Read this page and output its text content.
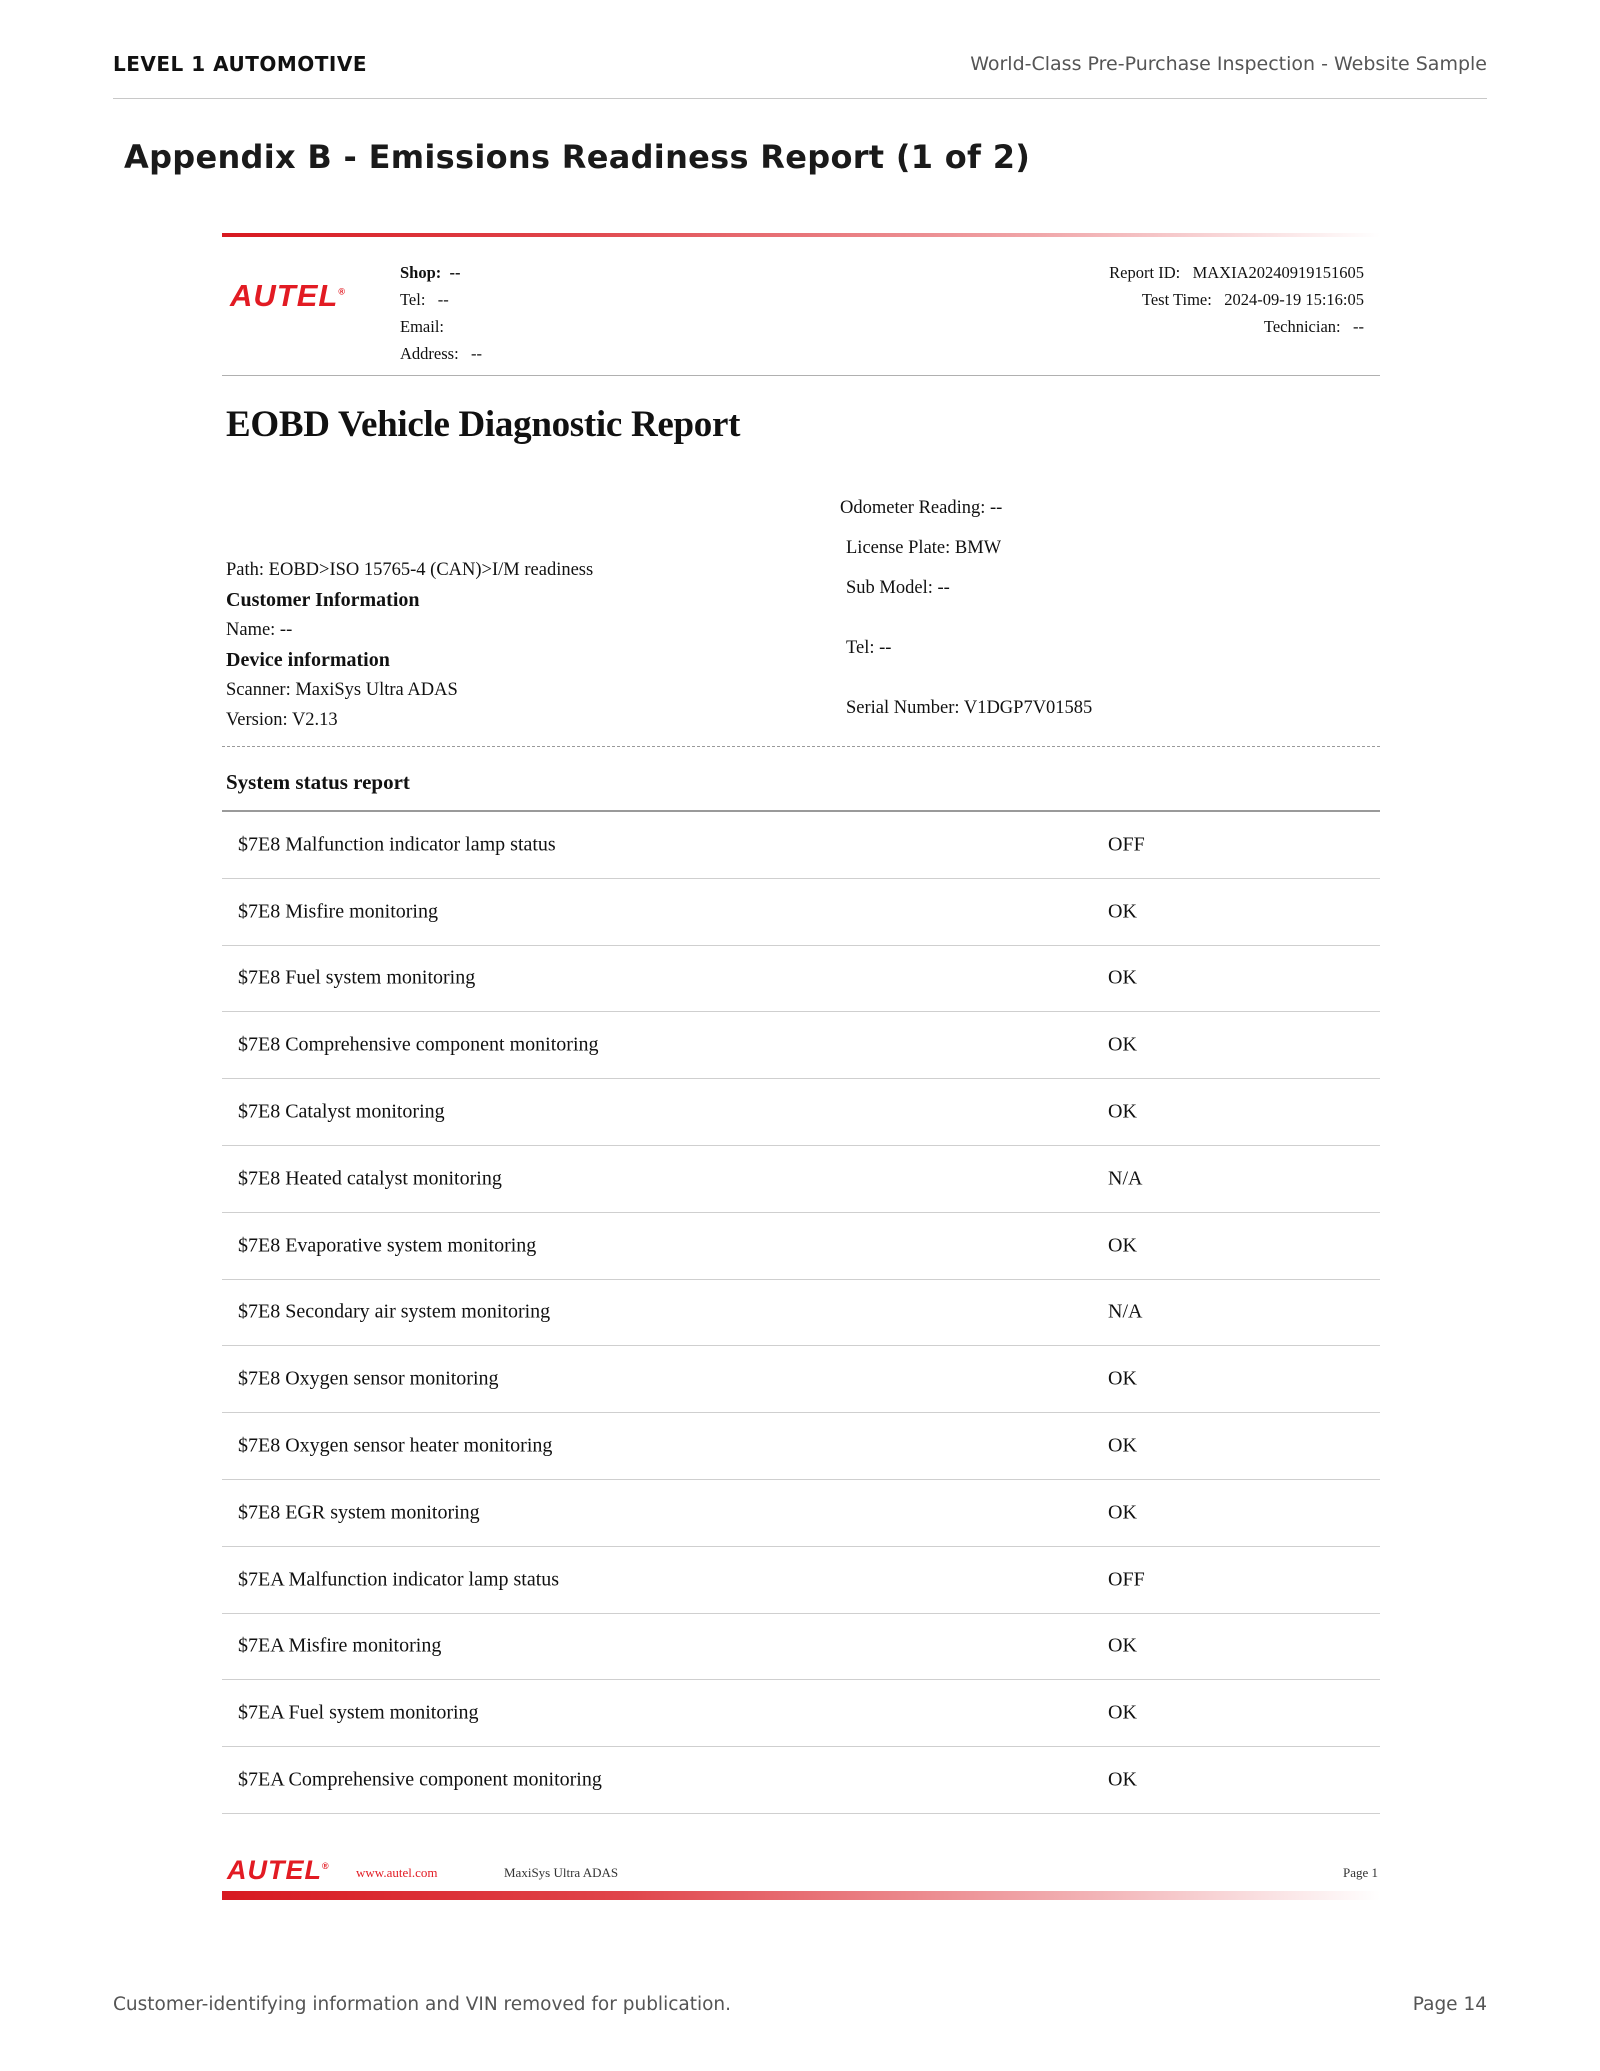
LEVEL 1 AUTOMOTIVE	World-Class Pre-Purchase Inspection - Website Sample
Appendix B - Emissions Readiness Report (1 of 2)
AUTEL®
Shop: --
Tel: --
Email:
Address: --
Report ID: MAXIA20240919151605
Test Time: 2024-09-19 15:16:05
Technician: --
EOBD Vehicle Diagnostic Report
Odometer Reading: --
License Plate: BMW
Sub Model: --
Tel: --
Serial Number: V1DGP7V01585
Path: EOBD>ISO 15765-4 (CAN)>I/M readiness
Customer Information
Name: --
Device information
Scanner: MaxiSys Ultra ADAS
Version: V2.13
System status report
$7E8 Malfunction indicator lamp status	OFF
$7E8 Misfire monitoring	OK
$7E8 Fuel system monitoring	OK
$7E8 Comprehensive component monitoring	OK
$7E8 Catalyst monitoring	OK
$7E8 Heated catalyst monitoring	N/A
$7E8 Evaporative system monitoring	OK
$7E8 Secondary air system monitoring	N/A
$7E8 Oxygen sensor monitoring	OK
$7E8 Oxygen sensor heater monitoring	OK
$7E8 EGR system monitoring	OK
$7EA Malfunction indicator lamp status	OFF
$7EA Misfire monitoring	OK
$7EA Fuel system monitoring	OK
$7EA Comprehensive component monitoring	OK
AUTEL® www.autel.com	MaxiSys Ultra ADAS	Page 1
Customer-identifying information and VIN removed for publication.	Page 14
